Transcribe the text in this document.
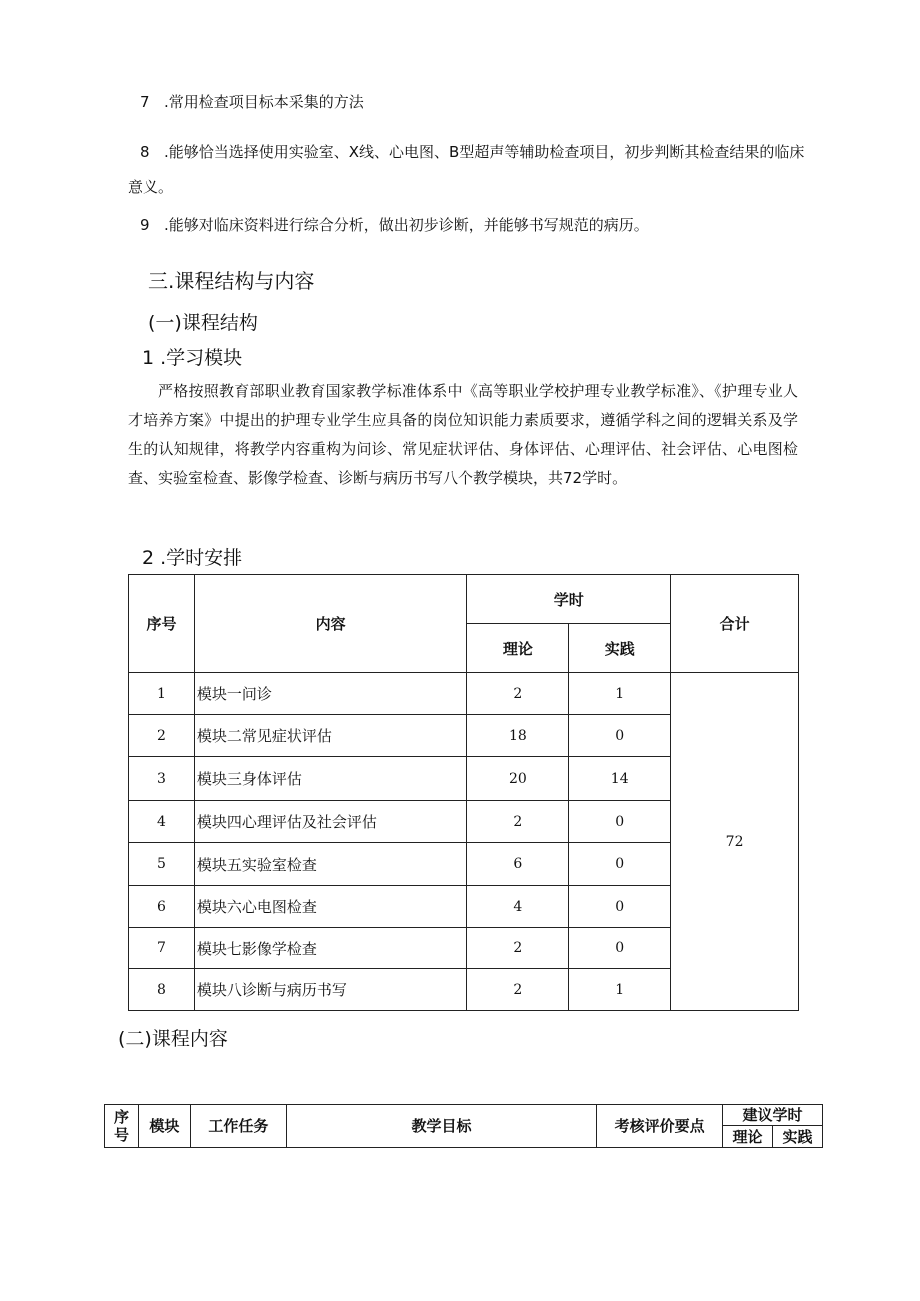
7 .常用检查项目标本采集的方法
8 .能够恰当选择使用实验室、X线、心电图、B型超声等辅助检查项目，初步判断其检查结果的临床
意义。
9 .能够对临床资料进行综合分析，做出初步诊断，并能够书写规范的病历。
三.课程结构与内容
(一)课程结构
1 .学习模块
严格按照教育部职业教育国家教学标准体系中《高等职业学校护理专业教学标准》、《护理专业人才培养方案》中提出的护理专业学生应具备的岗位知识能力素质要求，遵循学科之间的逻辑关系及学生的认知规律，将教学内容重构为问诊、常见症状评估、身体评估、心理评估、社会评估、心电图检查、实验室检查、影像学检查、诊断与病历书写八个教学模块，共72学时。
2 .学时安排
序号	内容	学时		合计
		理论	实践	
1	模块一问诊	2	1	72
2	模块二常见症状评估	18	0	
3	模块三身体评估	20	14	
4	模块四心理评估及社会评估	2	0	
5	模块五实验室检查	6	0	
6	模块六心电图检查	4	0	
7	模块七影像学检查	2	0	
8	模块八诊断与病历书写	2	1	
(二)课程内容
序
号	模块	工作任务	教学目标	考核评价要点	建议学时	
					理论	实践
